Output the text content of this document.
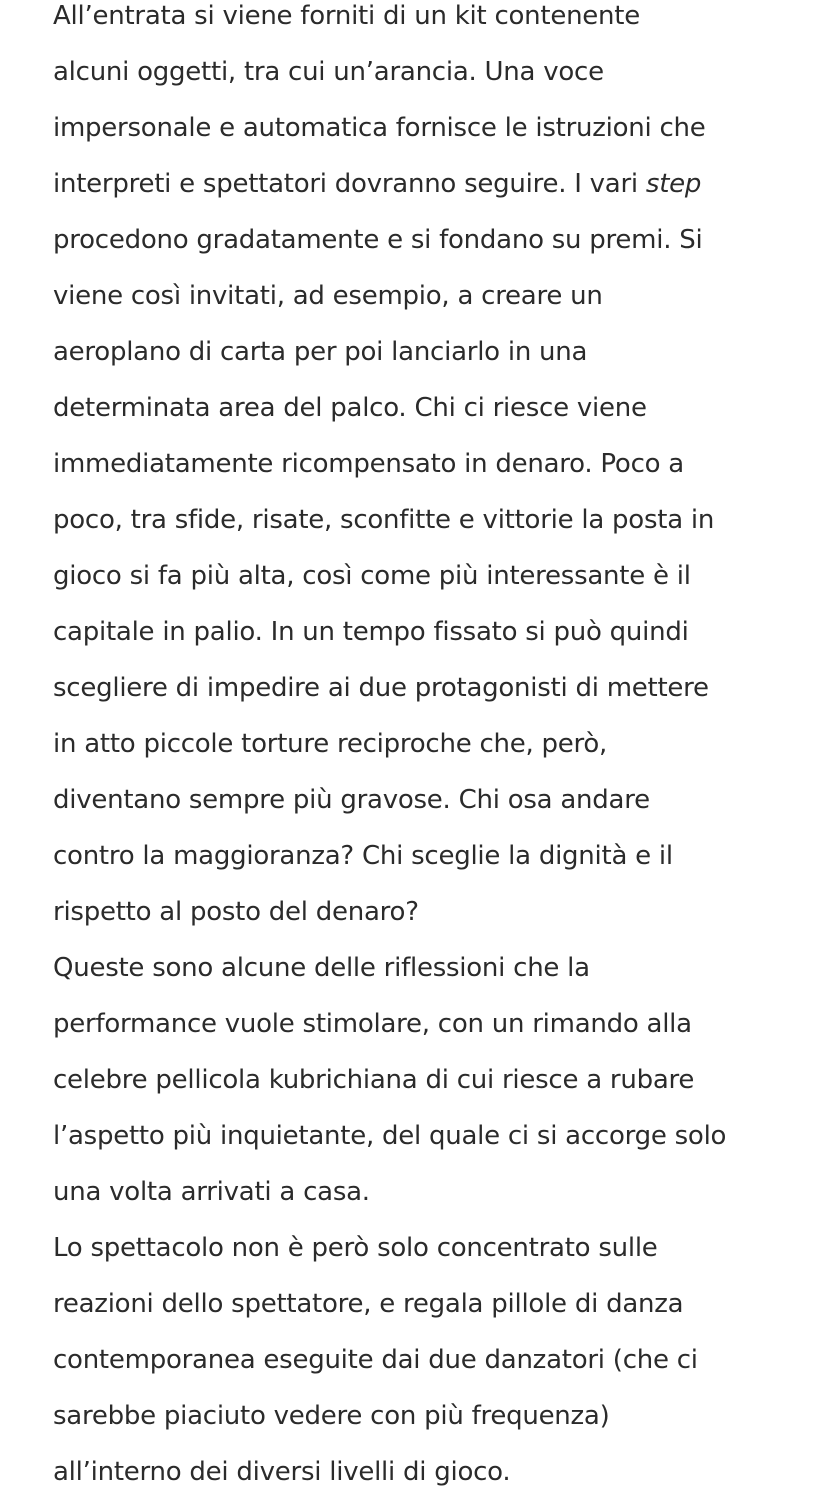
All’entrata si viene forniti di un kit contenente
alcuni oggetti, tra cui un’arancia. Una voce
impersonale e automatica fornisce le istruzioni che
interpreti e spettatori dovranno seguire. I vari step
procedono gradatamente e si fondano su premi. Si
viene così invitati, ad esempio, a creare un
aeroplano di carta per poi lanciarlo in una
determinata area del palco. Chi ci riesce viene
immediatamente ricompensato in denaro. Poco a
poco, tra sfide, risate, sconfitte e vittorie la posta in
gioco si fa più alta, così come più interessante è il
capitale in palio. In un tempo fissato si può quindi
scegliere di impedire ai due protagonisti di mettere
in atto piccole torture reciproche che, però,
diventano sempre più gravose. Chi osa andare
contro la maggioranza? Chi sceglie la dignità e il
rispetto al posto del denaro?

Queste sono alcune delle riflessioni che la
performance vuole stimolare, con un rimando alla
celebre pellicola kubrichiana di cui riesce a rubare
l’aspetto più inquietante, del quale ci si accorge solo
una volta arrivati a casa.

Lo spettacolo non è però solo concentrato sulle
reazioni dello spettatore, e regala pillole di danza
contemporanea eseguite dai due danzatori (che ci
sarebbe piaciuto vedere con più frequenza)
all’interno dei diversi livelli di gioco.
